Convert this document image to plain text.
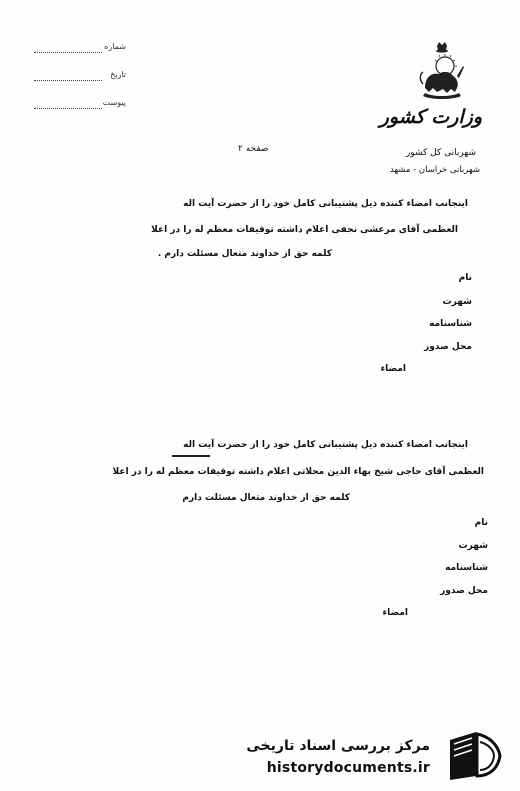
شماره
تاریخ
پیوست
وزارت کشور
شهربانی کل کشور
شهربانی خراسان - مشهد
صفحه ۲
اینجانب امضاء کننده ذیل پشتیبانی کامل خود را از حضرت آیت اله
العظمی آقای مرعشی نجفی اعلام داشته توقیفات معظم له را در اعلا
کلمه حق از خداوند متعال مسئلت دارم .
نام
شهرت
شناسنامه
محل صدور
امضاء
اینجانب امضاء کننده ذیل پشتیبانی کامل خود را از حضرت آیت اله
العظمی آقای حاجی شیخ بهاء الدین محلاتی اعلام داشته توقیفات معظم له را در اعلا
کلمه حق از خداوند متعال مسئلت دارم
نام
شهرت
شناسنامه
محل صدور
امضاء
مرکز بررسی اسناد تاریخی
historydocuments.ir
